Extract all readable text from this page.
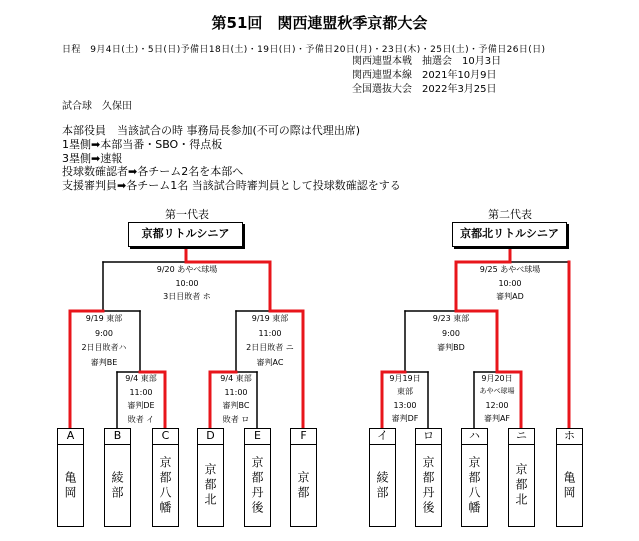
第51回　関西連盟秋季京都大会
日程　9月4日(土)・5日(日)予備日18日(土)・19日(日)・予備日20日(月)・23日(木)・25日(土)・予備日26日(日)
関西連盟本戦　抽選会　10月3日
関西連盟本線　2021年10月9日
全国選抜大会　2022年3月25日
試合球　久保田
本部役員　当該試合の時 事務局長参加(不可の際は代理出席)
1塁側➡本部当番・SBO・得点板
3塁側➡速報
投球数確認者➡各チーム2名を本部へ
支援審判員➡各チーム1名 当該試合時審判員として投球数確認をする
第一代表
京都リトルシニア
9/20 あやべ球場
10:00
3日目敗者 ホ
9/19 東部
9:00
2日目敗者ハ
審判BE
9/4 東部
11:00
審判DE
敗者 イ
9/19 東部
11:00
2日目敗者 ニ
審判AC
9/4 東部
11:00
審判BC
敗者 ロ
A
亀岡
B
綾部
C
京都八幡
D
京都北
E
京都丹後
F
京都
第二代表
京都北リトルシニア
9/25 あやべ球場
10:00
審判AD
9/23 東部
9:00
審判BD
9月19日
東部
13:00
審判DF
9月20日
あやべ球場
12:00
審判AF
イ
綾部
ロ
京都丹後
ハ
京都八幡
ニ
京都北
ホ
亀岡
